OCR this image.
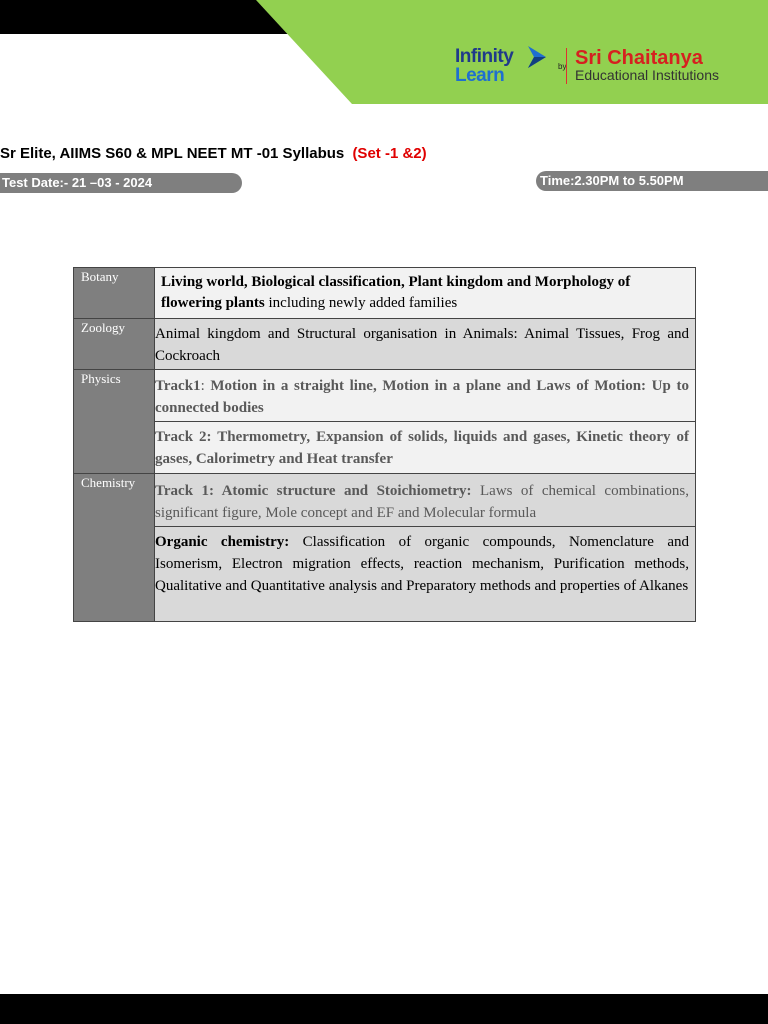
Infinity
Learn	by Sri Chaitanya
Educational Institutions
Sr Elite, AIIMS S60 & MPL NEET MT -01 Syllabus (Set -1 &2)
Test Date:- 21 –03 - 2024	Time:2.30PM to 5.50PM
Botany	Living world, Biological classification, Plant kingdom and Morphology of flowering plants including newly added families
Zoology	Animal kingdom and Structural organisation in Animals: Animal Tissues, Frog and Cockroach
Physics	Track1: Motion in a straight line, Motion in a plane and Laws of Motion: Up to connected bodies
	Track 2: Thermometry, Expansion of solids, liquids and gases, Kinetic theory of gases, Calorimetry and Heat transfer
Chemistry	Track 1: Atomic structure and Stoichiometry: Laws of chemical combinations, significant figure, Mole concept and EF and Molecular formula
	Organic chemistry: Classification of organic compounds, Nomenclature and Isomerism, Electron migration effects, reaction mechanism, Purification methods, Qualitative and Quantitative analysis and Preparatory methods and properties of Alkanes
